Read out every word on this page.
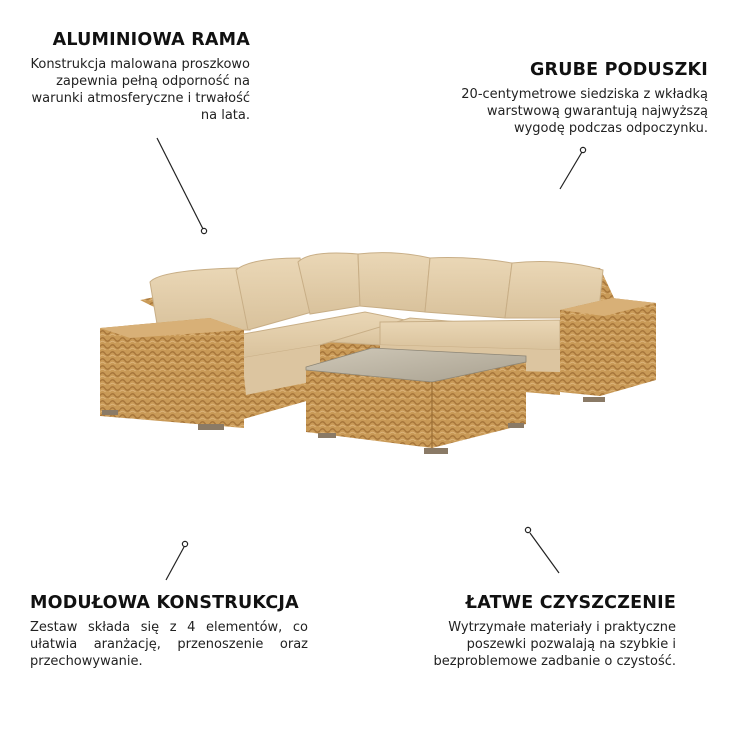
ALUMINIOWA RAMA

Konstrukcja malowana proszkowo zapewnia pełną odporność na warunki atmosferyczne i trwałość na lata.

GRUBE PODUSZKI

20-centymetrowe siedziska z wkładką warstwową gwarantują najwyższą wygodę podczas odpoczynku.

MODUŁOWA KONSTRUKCJA

Zestaw składa się z 4 elementów, co ułatwia aranżację, przenoszenie oraz przechowywanie.

ŁATWE CZYSZCZENIE

Wytrzymałe materiały i praktyczne poszewki pozwalają na szybkie i bezproblemowe zadbanie o czystość.
